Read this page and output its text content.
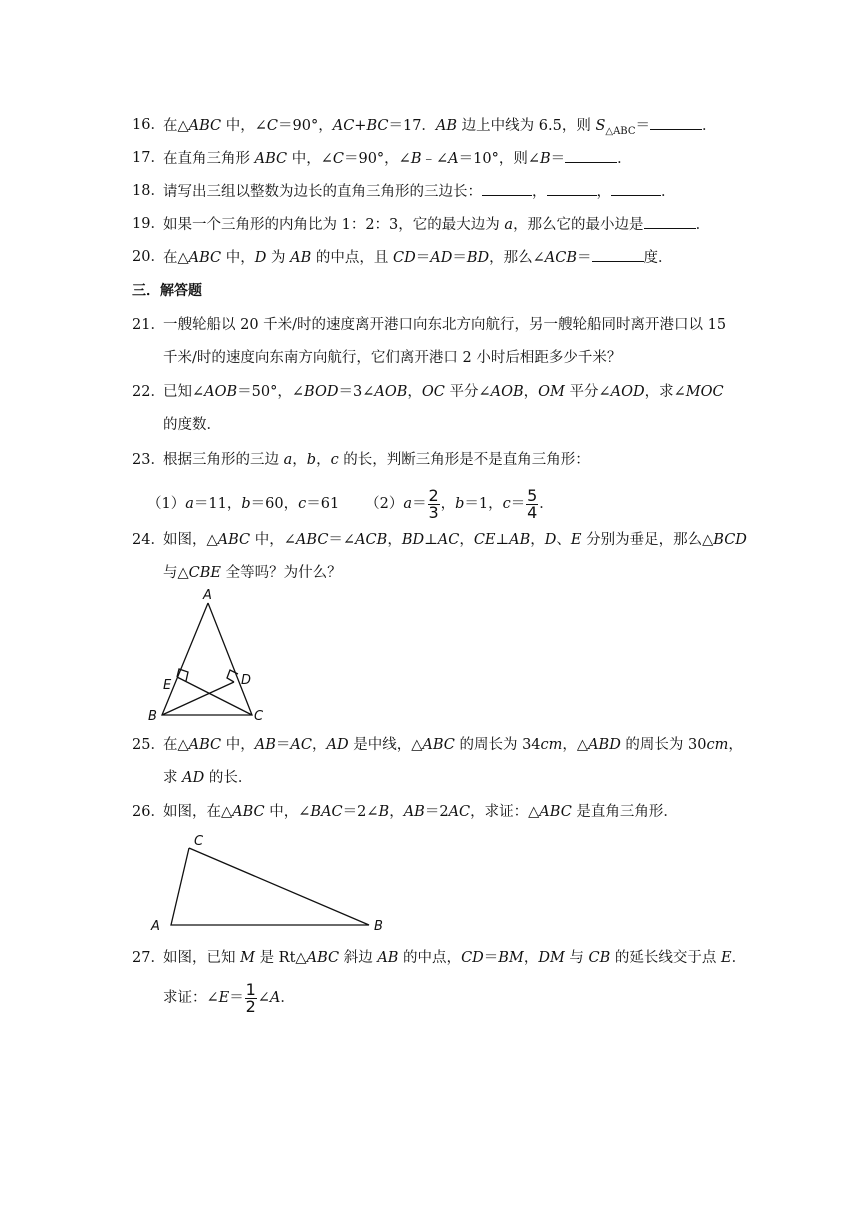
16．
在△ABC 中，∠C＝90°，AC+BC＝17．AB 边上中线为 6.5，则 $S_{\triangle ABC}=$	．
17．
在直角三角形 ABC 中，∠C＝90°，∠B﹣∠A＝10°，则∠B＝	．
18．
请写出三组以整数为边长的直角三角形的三边长：	，	，	．
19．
如果一个三角形的内角比为 1：2：3，它的最大边为 a，那么它的最小边是	．
20．
在△ABC 中，D 为 AB 的中点，且 CD＝AD＝BD，那么∠ACB＝	度．
三．解答题
21．
一艘轮船以 20 千米/时的速度离开港口向东北方向航行，另一艘轮船同时离开港口以 15
千米/时的速度向东南方向航行，它们离开港口 2 小时后相距多少千米？
22．
已知∠AOB＝50°，∠BOD＝3∠AOB，OC 平分∠AOB，OM 平分∠AOD，求∠MOC
的度数．
23．
根据三角形的三边 a，b，c 的长，判断三角形是不是直角三角形：
（1）a＝11，b＝60，c＝61 $(2)a= \frac{2}{3}$ ，b＝1，$c= \frac{5}{4}$ ．
24．
如图，△ABC 中，∠ABC＝∠ACB，BD⊥AC，CE⊥AB，D、E 分别为垂足，那么△BCD
与△CBE 全等吗？为什么？
A
B	C
D
E
25．
在△ABC 中，AB＝AC，AD 是中线，△ABC 的周长为 34cm，△ABD 的周长为 30cm，
求 AD 的长．
26．
如图，在△ABC 中，∠BAC＝2∠B，AB＝2AC，求证：△ABC 是直角三角形．
C
A	B
27．
如图，已知 M 是 Rt△ABC 斜边 AB 的中点，CD＝BM，DM 与 CB 的延长线交于点 E．
求证：∠E＝ $\frac{1}{2}$ ∠A．
